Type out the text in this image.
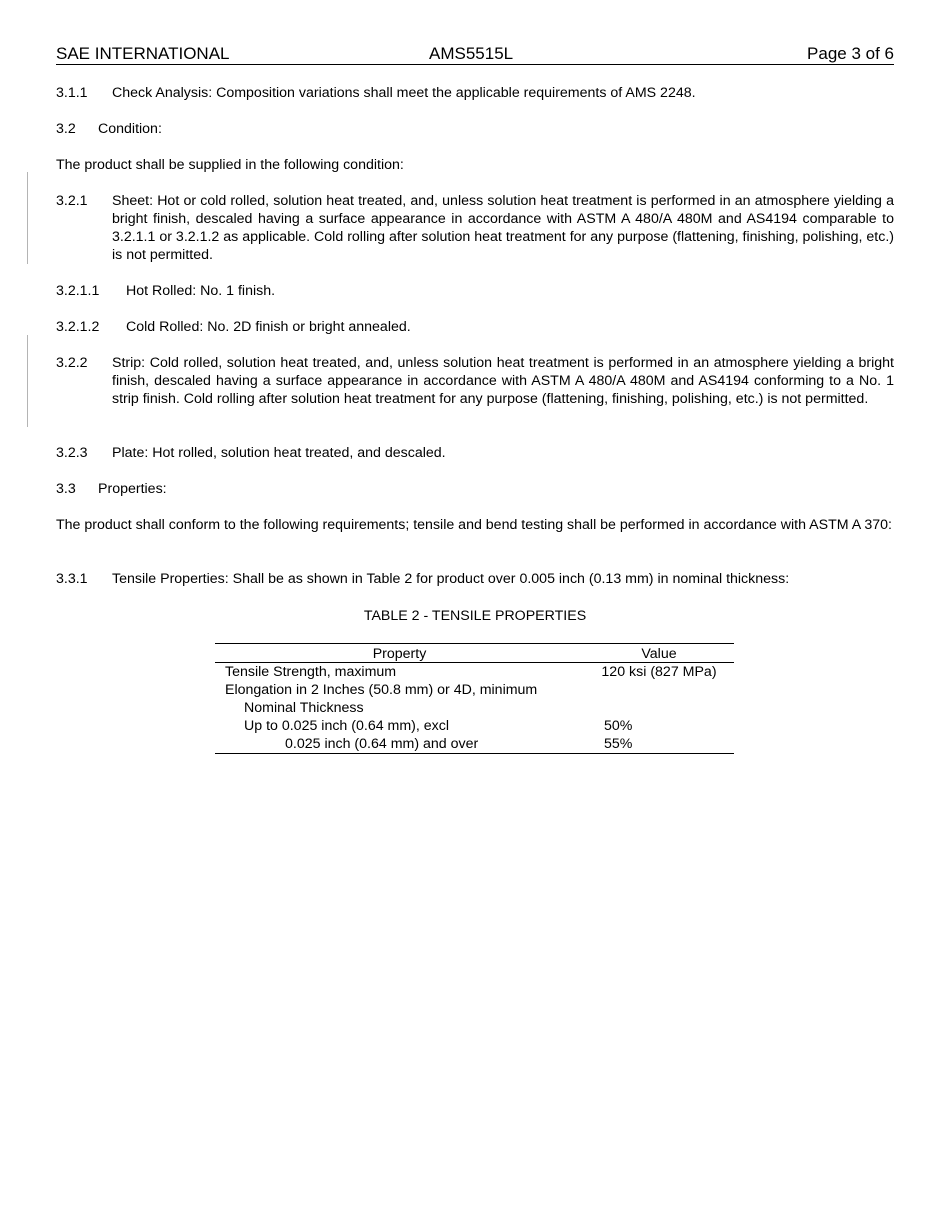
SAE INTERNATIONAL	AMS5515L	Page 3 of 6
3.1.1 Check Analysis: Composition variations shall meet the applicable requirements of AMS 2248.
3.2 Condition:
The product shall be supplied in the following condition:
3.2.1 Sheet: Hot or cold rolled, solution heat treated, and, unless solution heat treatment is performed in an atmosphere yielding a bright finish, descaled having a surface appearance in accordance with ASTM A 480/A 480M and AS4194 comparable to 3.2.1.1 or 3.2.1.2 as applicable. Cold rolling after solution heat treatment for any purpose (flattening, finishing, polishing, etc.) is not permitted.
3.2.1.1 Hot Rolled: No. 1 finish.
3.2.1.2 Cold Rolled: No. 2D finish or bright annealed.
3.2.2 Strip: Cold rolled, solution heat treated, and, unless solution heat treatment is performed in an atmosphere yielding a bright finish, descaled having a surface appearance in accordance with ASTM A 480/A 480M and AS4194 conforming to a No. 1 strip finish. Cold rolling after solution heat treatment for any purpose (flattening, finishing, polishing, etc.) is not permitted.
3.2.3 Plate: Hot rolled, solution heat treated, and descaled.
3.3 Properties:
The product shall conform to the following requirements; tensile and bend testing shall be performed in accordance with ASTM A 370:
3.3.1 Tensile Properties: Shall be as shown in Table 2 for product over 0.005 inch (0.13 mm) in nominal thickness:
TABLE 2 - TENSILE PROPERTIES
Property	Value
Tensile Strength, maximum	120 ksi (827 MPa)
Elongation in 2 Inches (50.8 mm) or 4D, minimum
Nominal Thickness
Up to 0.025 inch (0.64 mm), excl	50%
0.025 inch (0.64 mm) and over	55%
